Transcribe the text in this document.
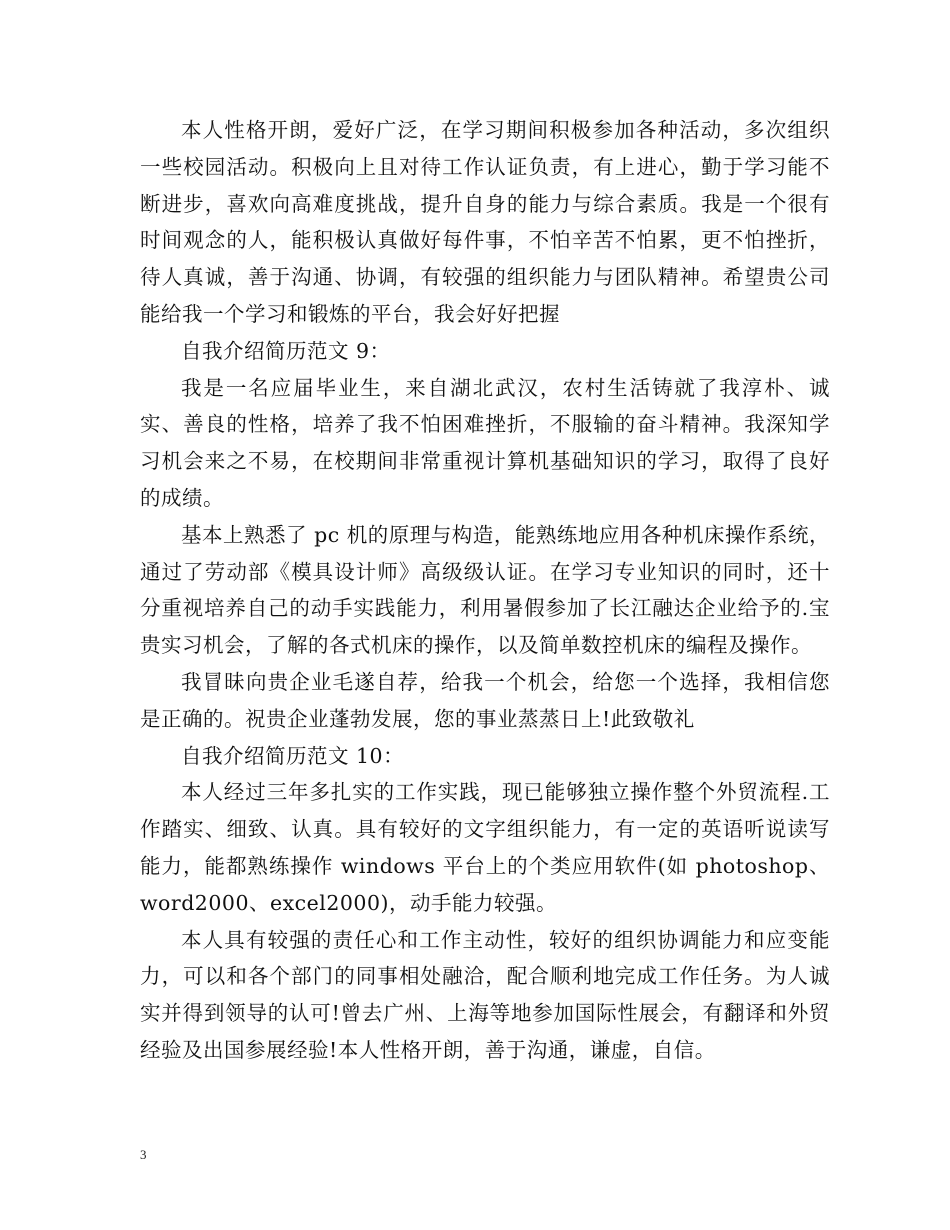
本人性格开朗，爱好广泛，在学习期间积极参加各种活动，多次组织一些校园活动。积极向上且对待工作认证负责，有上进心，勤于学习能不断进步，喜欢向高难度挑战，提升自身的能力与综合素质。我是一个很有时间观念的人，能积极认真做好每件事，不怕辛苦不怕累，更不怕挫折，待人真诚，善于沟通、协调，有较强的组织能力与团队精神。希望贵公司能给我一个学习和锻炼的平台，我会好好把握

自我介绍简历范文 9：

我是一名应届毕业生，来自湖北武汉，农村生活铸就了我淳朴、诚实、善良的性格，培养了我不怕困难挫折，不服输的奋斗精神。我深知学习机会来之不易，在校期间非常重视计算机基础知识的学习，取得了良好的成绩。

基本上熟悉了 pc 机的原理与构造，能熟练地应用各种机床操作系统，通过了劳动部《模具设计师》高级级认证。在学习专业知识的同时，还十分重视培养自己的动手实践能力，利用暑假参加了长江融达企业给予的.宝贵实习机会，了解的各式机床的操作，以及简单数控机床的编程及操作。

我冒昧向贵企业毛遂自荐，给我一个机会，给您一个选择，我相信您是正确的。祝贵企业蓬勃发展，您的事业蒸蒸日上!此致敬礼

自我介绍简历范文 10：

本人经过三年多扎实的工作实践，现已能够独立操作整个外贸流程.工作踏实、细致、认真。具有较好的文字组织能力，有一定的英语听说读写能力，能都熟练操作 windows 平台上的个类应用软件(如 photoshop、word2000、excel2000)，动手能力较强。

本人具有较强的责任心和工作主动性，较好的组织协调能力和应变能力，可以和各个部门的同事相处融洽，配合顺利地完成工作任务。为人诚实并得到领导的认可!曾去广州、上海等地参加国际性展会，有翻译和外贸经验及出国参展经验!本人性格开朗，善于沟通，谦虚，自信。

3
